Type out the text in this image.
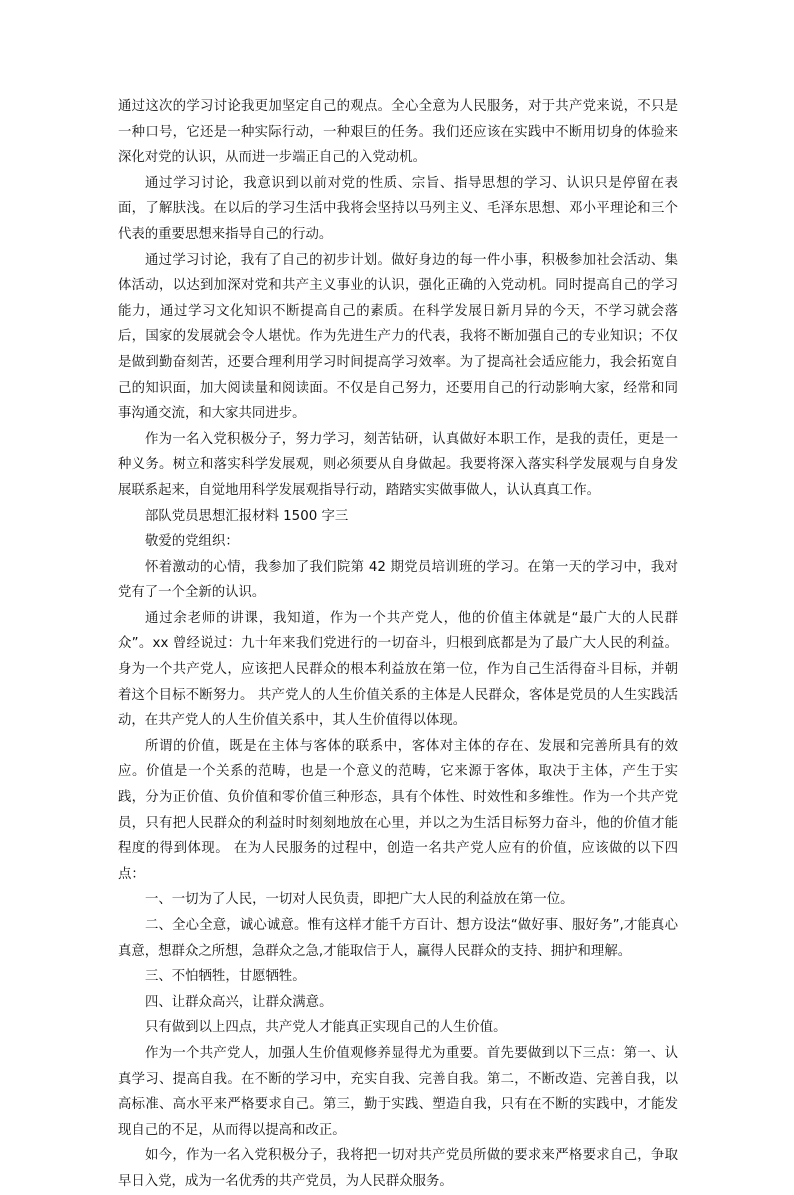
通过这次的学习讨论我更加坚定自己的观点。全心全意为人民服务，对于共产党来说，不只是一种口号，它还是一种实际行动，一种艰巨的任务。我们还应该在实践中不断用切身的体验来深化对党的认识，从而进一步端正自己的入党动机。

通过学习讨论，我意识到以前对党的性质、宗旨、指导思想的学习、认识只是停留在表面，了解肤浅。在以后的学习生活中我将会坚持以马列主义、毛泽东思想、邓小平理论和三个代表的重要思想来指导自己的行动。

通过学习讨论，我有了自己的初步计划。做好身边的每一件小事，积极参加社会活动、集体活动，以达到加深对党和共产主义事业的认识，强化正确的入党动机。同时提高自己的学习能力，通过学习文化知识不断提高自己的素质。在科学发展日新月异的今天，不学习就会落后，国家的发展就会令人堪忧。作为先进生产力的代表，我将不断加强自己的专业知识；不仅是做到勤奋刻苦，还要合理利用学习时间提高学习效率。为了提高社会适应能力，我会拓宽自己的知识面，加大阅读量和阅读面。不仅是自己努力，还要用自己的行动影响大家，经常和同事沟通交流，和大家共同进步。

作为一名入党积极分子，努力学习，刻苦钻研，认真做好本职工作，是我的责任，更是一种义务。树立和落实科学发展观，则必须要从自身做起。我要将深入落实科学发展观与自身发展联系起来，自觉地用科学发展观指导行动，踏踏实实做事做人，认认真真工作。

部队党员思想汇报材料 1500 字三

敬爱的党组织：

怀着激动的心情，我参加了我们院第 42 期党员培训班的学习。在第一天的学习中，我对党有了一个全新的认识。

通过余老师的讲课，我知道，作为一个共产党人，他的价值主体就是“最广大的人民群众”。xx 曾经说过：九十年来我们党进行的一切奋斗，归根到底都是为了最广大人民的利益。身为一个共产党人，应该把人民群众的根本利益放在第一位，作为自己生活得奋斗目标，并朝着这个目标不断努力。 共产党人的人生价值关系的主体是人民群众，客体是党员的人生实践活动，在共产党人的人生价值关系中，其人生价值得以体现。

所谓的价值，既是在主体与客体的联系中，客体对主体的存在、发展和完善所具有的效应。价值是一个关系的范畴，也是一个意义的范畴，它来源于客体，取决于主体，产生于实践，分为正价值、负价值和零价值三种形态，具有个体性、时效性和多维性。作为一个共产党员，只有把人民群众的利益时时刻刻地放在心里，并以之为生活目标努力奋斗，他的价值才能程度的得到体现。 在为人民服务的过程中，创造一名共产党人应有的价值，应该做的以下四点：

一、一切为了人民，一切对人民负责，即把广大人民的利益放在第一位。

二、全心全意，诚心诚意。惟有这样才能千方百计、想方设法“做好事、服好务”,才能真心真意，想群众之所想，急群众之急,才能取信于人，赢得人民群众的支持、拥护和理解。

三、不怕牺牲，甘愿牺牲。

四、让群众高兴，让群众满意。

只有做到以上四点，共产党人才能真正实现自己的人生价值。

作为一个共产党人，加强人生价值观修养显得尤为重要。首先要做到以下三点：第一、认真学习、提高自我。在不断的学习中，充实自我、完善自我。第二，不断改造、完善自我，以高标准、高水平来严格要求自己。第三，勤于实践、塑造自我，只有在不断的实践中，才能发现自己的不足，从而得以提高和改正。

如今，作为一名入党积极分子，我将把一切对共产党员所做的要求来严格要求自己，争取早日入党，成为一名优秀的共产党员，为人民群众服务。
